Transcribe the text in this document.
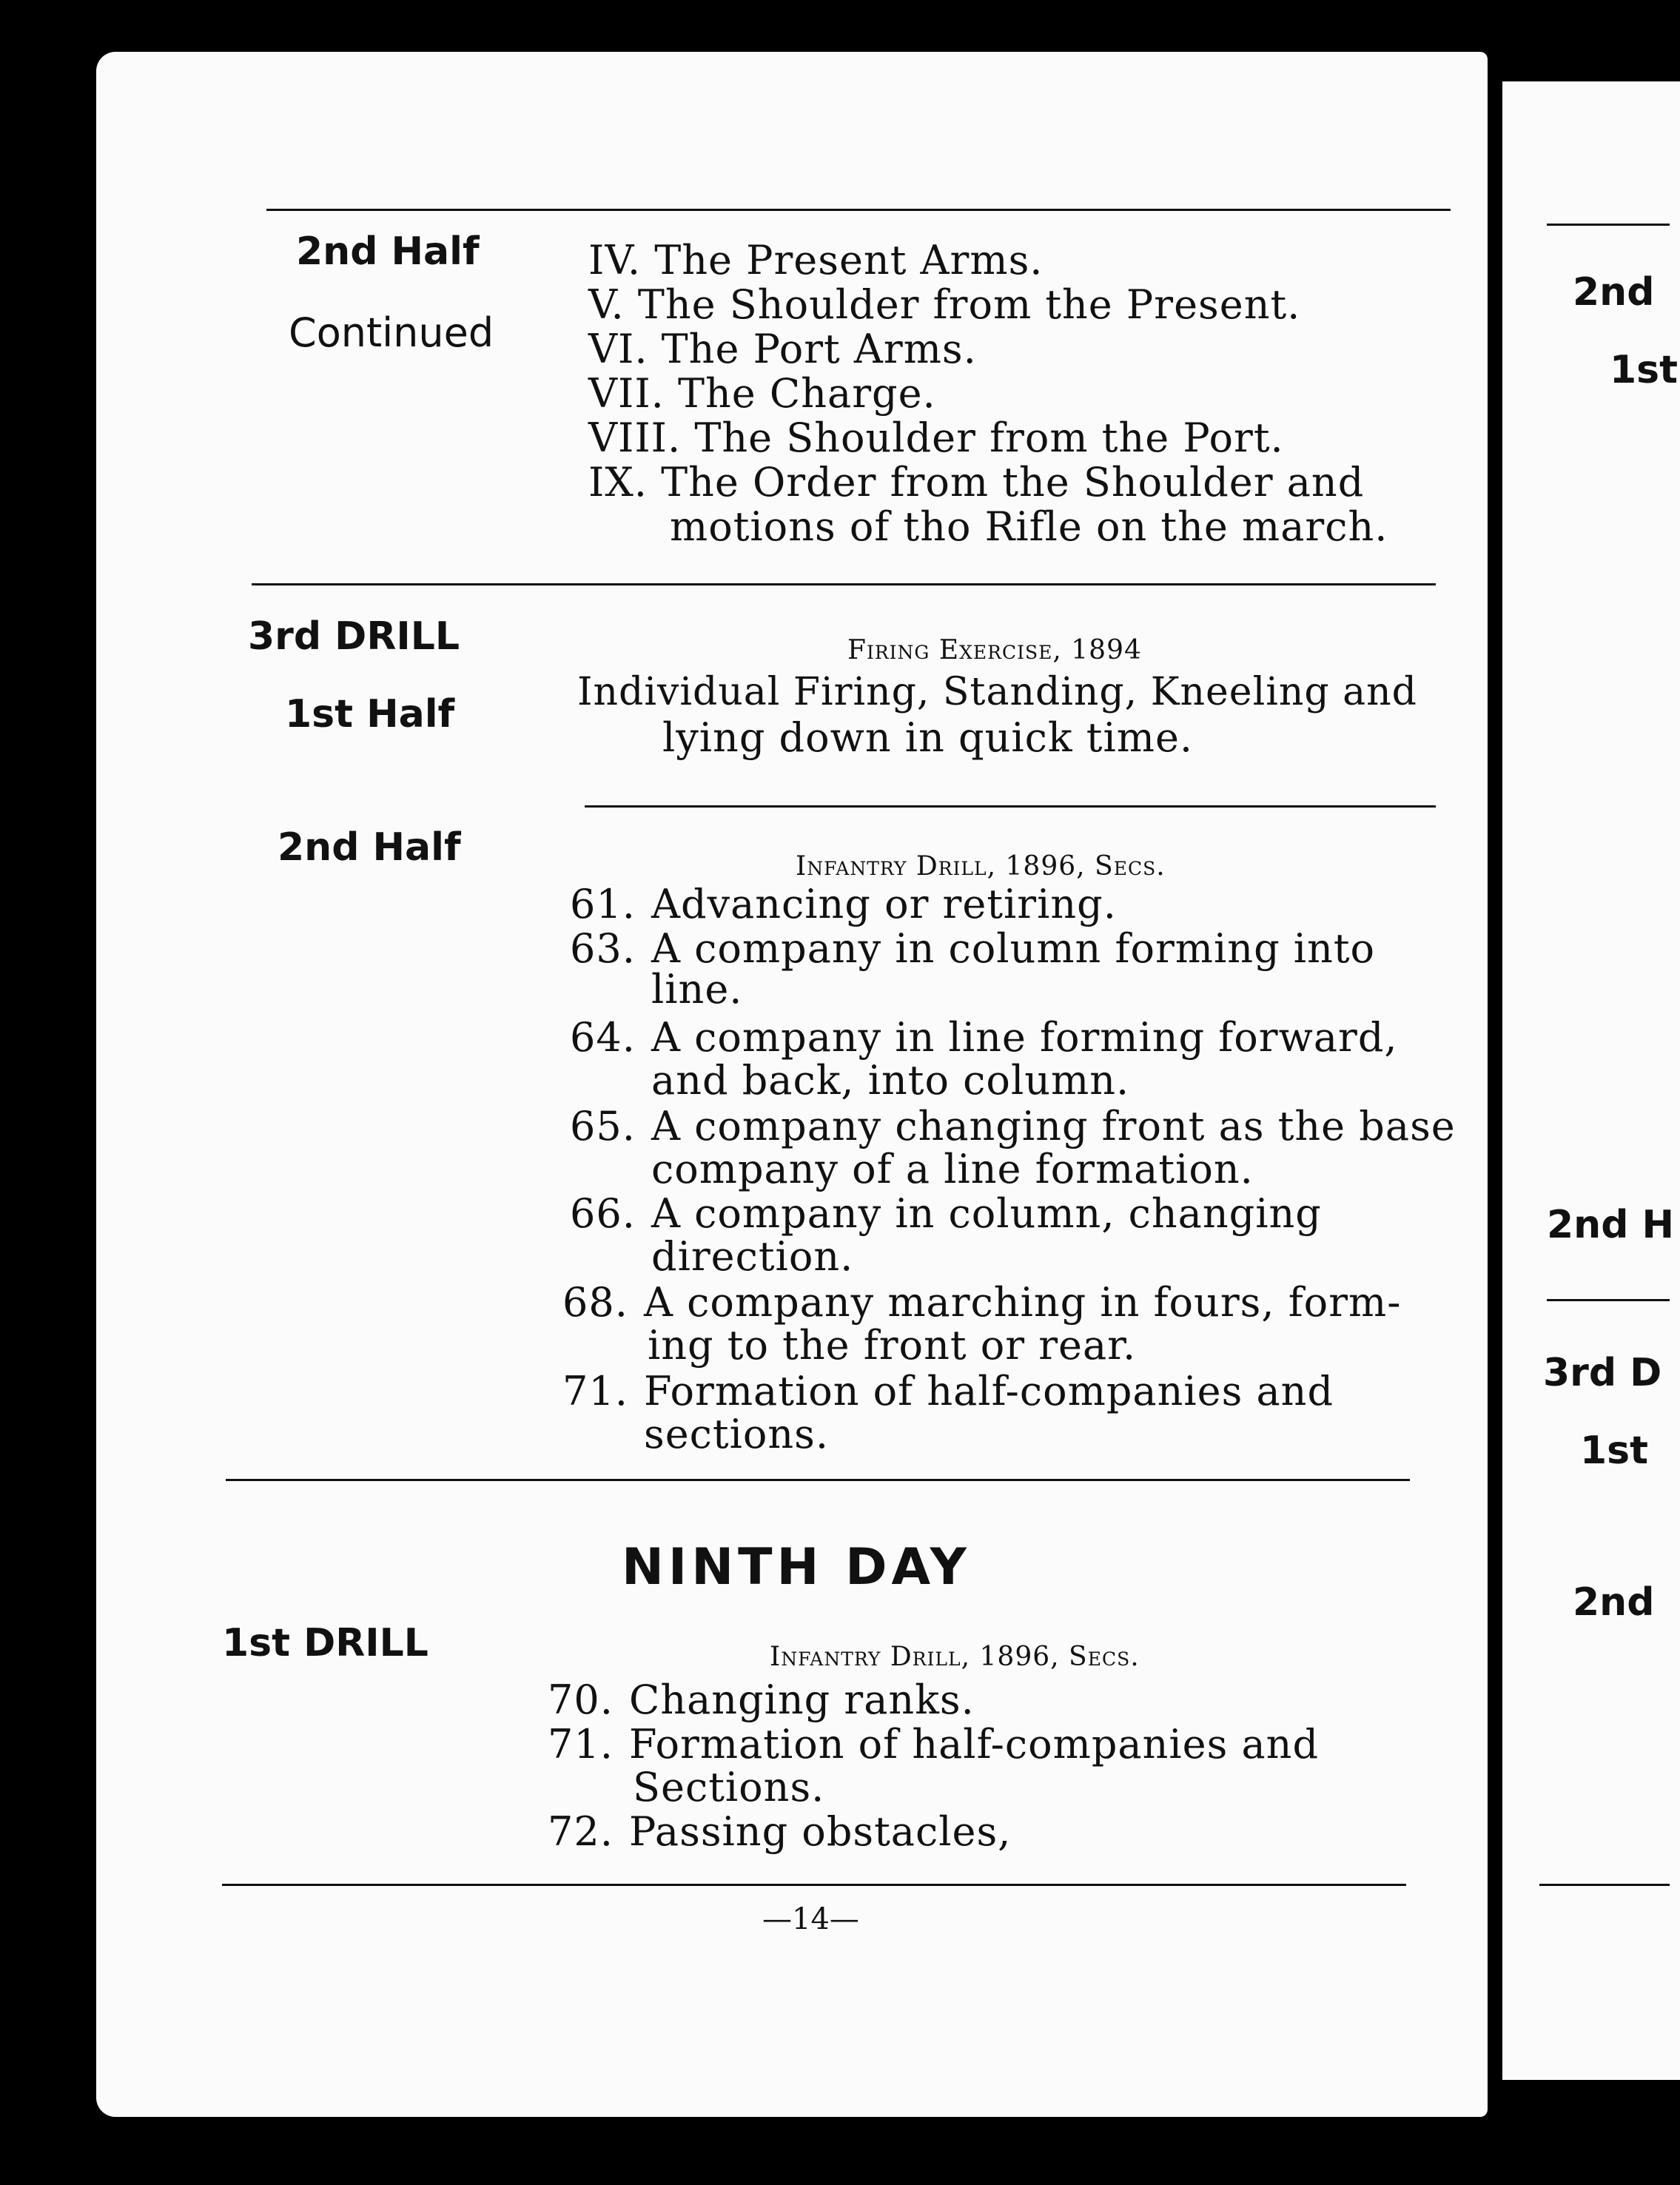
2nd Half
Continued
IV. The Present Arms.
V. The Shoulder from the Present.
VI. The Port Arms.
VII. The Charge.
VIII. The Shoulder from the Port.
IX. The Order from the Shoulder and
motions of tho Rifle on the march.
3rd DRILL
1st Half
Firing Exercise, 1894
Individual Firing, Standing, Kneeling and
lying down in quick time.
2nd Half	Infantry Drill, 1896, Secs.
61. Advancing or retiring.
63. A company in column forming into
line.
64. A company in line forming forward,
and back, into column.
65. A company changing front as the base
company of a line formation.
66. A company in column, changing
direction.
68. A company marching in fours, form-
ing to the front or rear.
71. Formation of half-companies and
sections.
NINTH DAY
1st DRILL	Infantry Drill, 1896, Secs.
70. Changing ranks.
71. Formation of half-companies and
Sections.
72. Passing obstacles,
—14—
2nd
1st
2nd H
3rd D
1st
2nd
